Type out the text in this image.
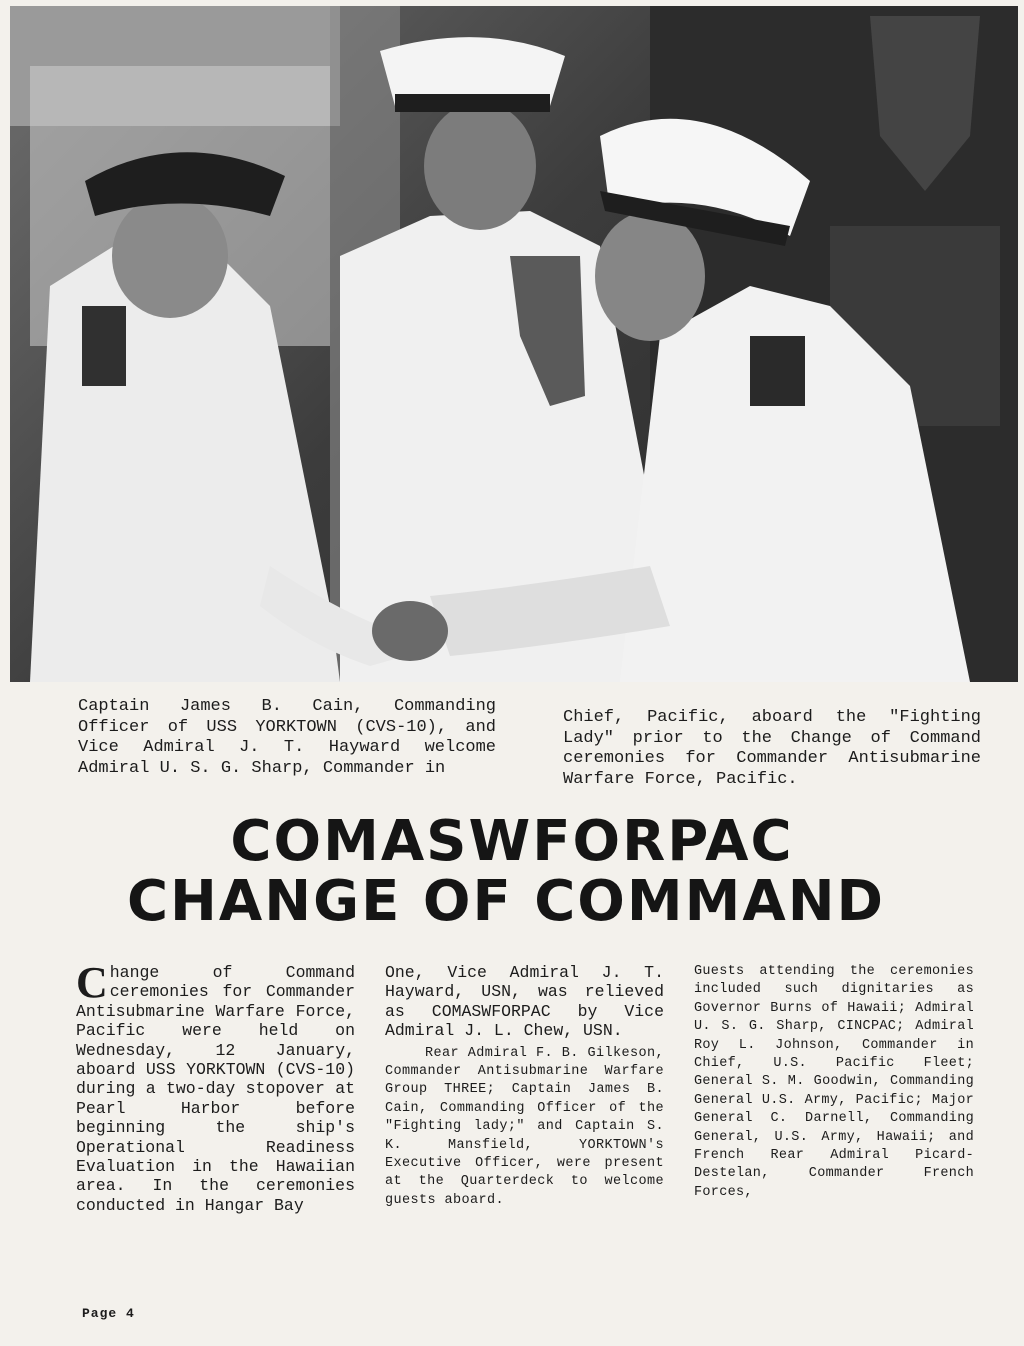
Captain James B. Cain, Commanding Officer of USS YORKTOWN (CVS-10), and Vice Admiral J. T. Hayward welcome Admiral U. S. G. Sharp, Commander in

Chief, Pacific, aboard the "Fighting Lady" prior to the Change of Command ceremonies for Commander Antisubmarine Warfare Force, Pacific.

COMASWFORPAC
CHANGE OF COMMAND

Change of Command ceremonies for Commander Antisubmarine Warfare Force, Pacific were held on Wednesday, 12 January, aboard USS YORKTOWN (CVS-10) during a two-day stopover at Pearl Harbor before beginning the ship's Operational Readiness Evaluation in the Hawaiian area. In the ceremonies conducted in Hangar Bay

One, Vice Admiral J. T. Hayward, USN, was relieved as COMASWFORPAC by Vice Admiral J. L. Chew, USN.

Rear Admiral F. B. Gilkeson, Commander Antisubmarine Warfare Group THREE; Captain James B. Cain, Commanding Officer of the "Fighting lady;" and Captain S. K. Mansfield, YORKTOWN's Executive Officer, were present at the Quarterdeck to welcome guests aboard.

Guests attending the ceremonies included such dignitaries as Governor Burns of Hawaii; Admiral U. S. G. Sharp, CINCPAC; Admiral Roy L. Johnson, Commander in Chief, U.S. Pacific Fleet; General S. M. Goodwin, Commanding General U.S. Army, Pacific; Major General C. Darnell, Commanding General, U.S. Army, Hawaii; and French Rear Admiral Picard-Destelan, Commander French Forces,

Page 4
